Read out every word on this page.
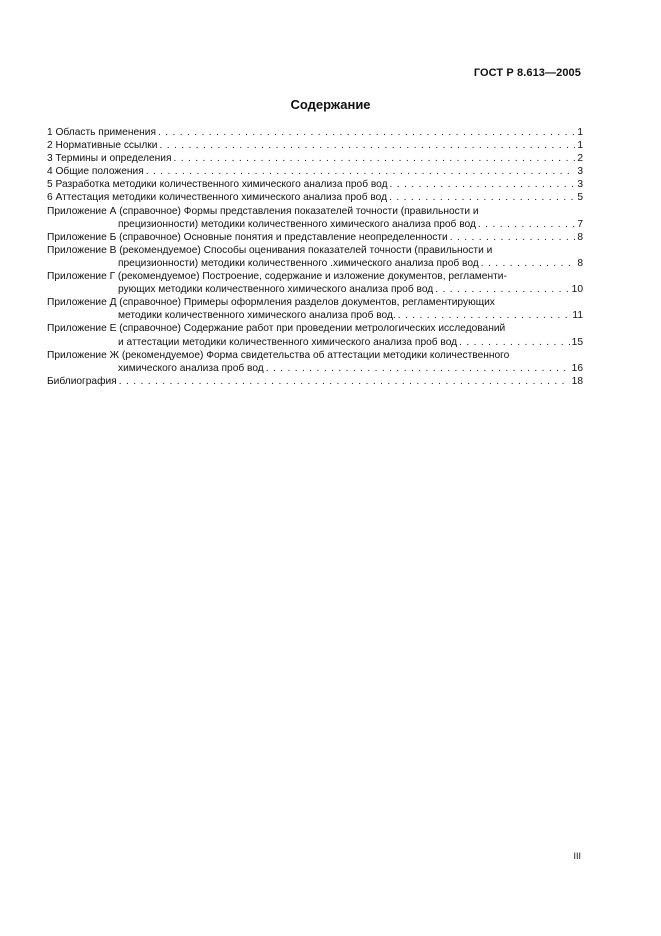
ГОСТ Р 8.613—2005
Содержание
1 Область применения . . .	1
2 Нормативные ссылки . . .	1
3 Термины и определения . . .	2
4 Общие положения . . .	3
5 Разработка методики количественного химического анализа проб вод . . .	3
6 Аттестация методики количественного химического анализа проб вод . . .	5
Приложение А (справочное) Формы представления показателей точности (правильности и
прецизионности) методики количественного химического анализа проб вод . . .	7
Приложение Б (справочное) Основные понятия и представление неопределенности . . .	8
Приложение В (рекомендуемое) Способы оценивания показателей точности (правильности и
прецизионности) методики количественного .химического анализа проб вод . . .	8
Приложение Г (рекомендуемое) Построение, содержание и изложение документов, регламенти-
рующих методики количественного химического анализа проб вод . . .	10
Приложение Д (справочное) Примеры оформления разделов документов, регламентирующих
методики количественного химического анализа проб вод. . . .	11
Приложение Е (справочное) Содержание работ при проведении метрологических исследований
и аттестации методики количественного химического анализа проб вод . . .	15
Приложение Ж (рекомендуемое) Форма свидетельства об аттестации методики количественного
химического анализа проб вод . . .	16
Библиография . . .	18
III
